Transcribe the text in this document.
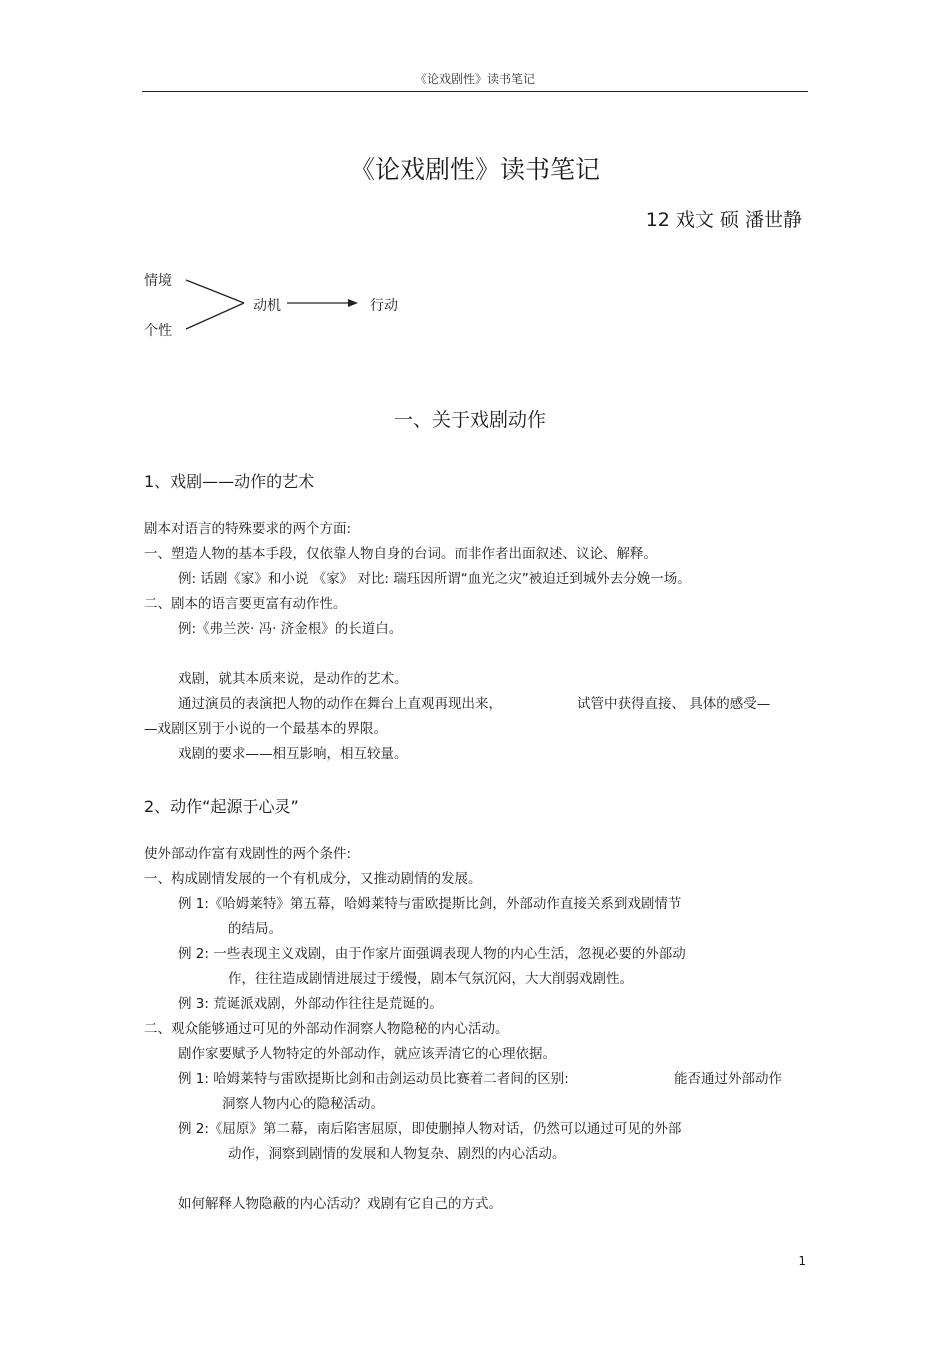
《论戏剧性》读书笔记
《论戏剧性》读书笔记
12 戏文 硕 潘世静
情境
个性
动机	行动
一、关于戏剧动作
1、戏剧——动作的艺术
剧本对语言的特殊要求的两个方面:
一、塑造人物的基本手段，仅依靠人物自身的台词。而非作者出面叙述、议论、解释。
例: 话剧《家》和小说 《家》 对比: 瑞珏因所谓“血光之灾”被迫迁到城外去分娩一场。
二、剧本的语言要更富有动作性。
例:《弗兰茨· 冯· 济金根》的长道白。
戏剧，就其本质来说，是动作的艺术。
通过演员的表演把人物的动作在舞台上直观再现出来，	试管中获得直接、 具体的感受—
—戏剧区别于小说的一个最基本的界限。
戏剧的要求——相互影响，相互较量。
2、动作“起源于心灵”
使外部动作富有戏剧性的两个条件:
一、构成剧情发展的一个有机成分，又推动剧情的发展。
例 1:《哈姆莱特》第五幕，哈姆莱特与雷欧提斯比剑，外部动作直接关系到戏剧情节
的结局。
例 2: 一些表现主义戏剧，由于作家片面强调表现人物的内心生活，忽视必要的外部动
作，往往造成剧情进展过于缓慢，剧本气氛沉闷，大大削弱戏剧性。
例 3: 荒诞派戏剧，外部动作往往是荒诞的。
二、观众能够通过可见的外部动作洞察人物隐秘的内心活动。
剧作家要赋予人物特定的外部动作，就应该弄清它的心理依据。
例 1: 哈姆莱特与雷欧提斯比剑和击剑运动员比赛着二者间的区别:	能否通过外部动作
洞察人物内心的隐秘活动。
例 2:《屈原》第二幕，南后陷害屈原，即使删掉人物对话，仍然可以通过可见的外部
动作，洞察到剧情的发展和人物复杂、剧烈的内心活动。
如何解释人物隐蔽的内心活动？戏剧有它自己的方式。
1
